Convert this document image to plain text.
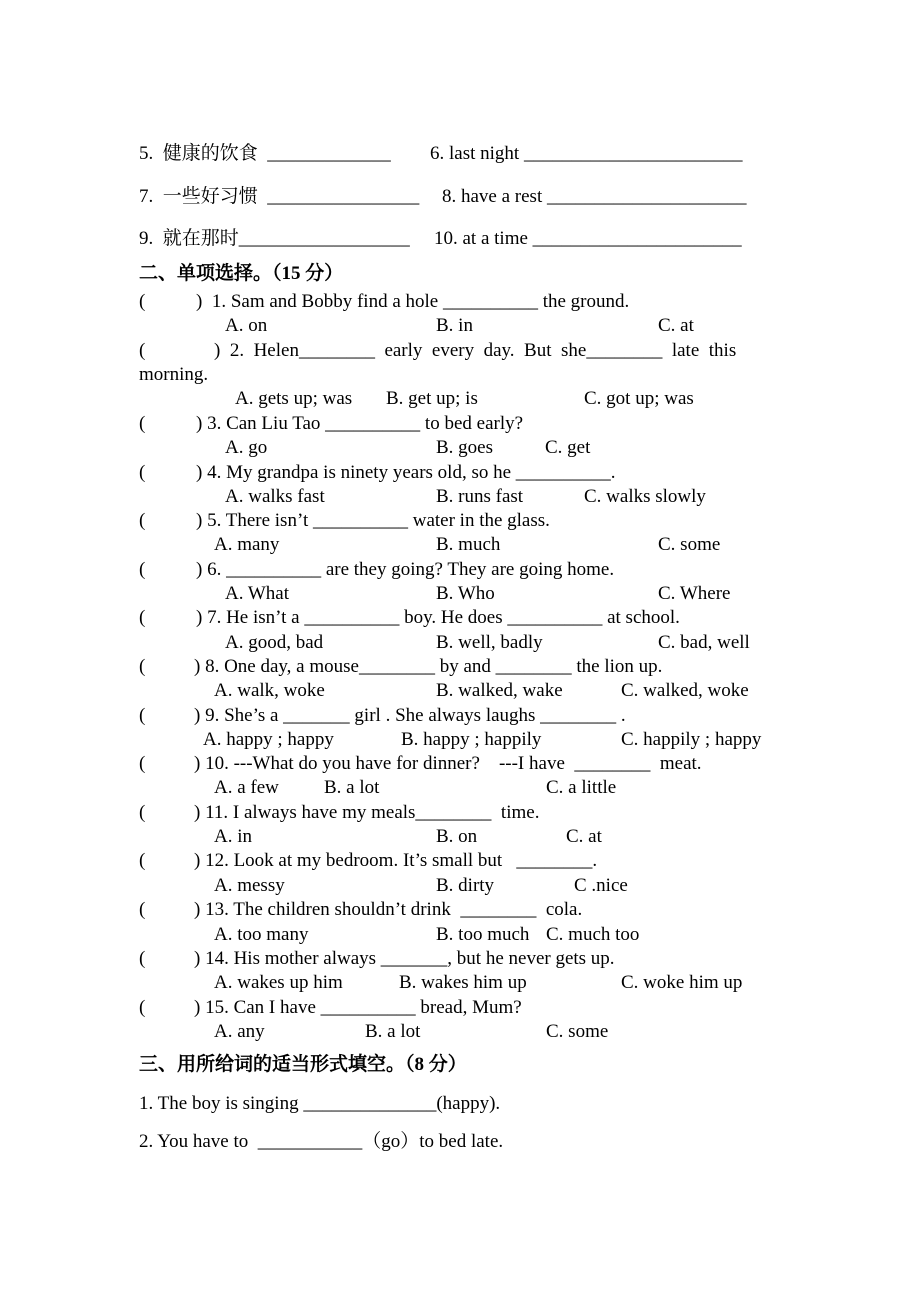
5. 健康的饮食 _____________ 6. last night _______________________
7. 一些好习惯 ________________ 8. have a rest _____________________
9. 就在那时__________________ 10. at a time ______________________
二、单项选择。（15 分）
(	)  1. Sam and Bobby find a hole __________ the ground.
A. on	B. in	C. at
(	)  2.  Helen________  early  every  day.  But  she________  late  this
morning.
A. gets up; was B. get up; is	C. got up; was
(	) 3. Can Liu Tao __________ to bed early?
A. go	B. goes	C. get
(	) 4. My grandpa is ninety years old, so he __________.
A. walks fast	B. runs fast	C. walks slowly
(	) 5. There isn’t __________ water in the glass.
A. many	B. much	C. some
(	) 6. __________ are they going? They are going home.
A. What	B. Who	C. Where
(	) 7. He isn’t a __________ boy. He does __________ at school.
A. good, bad	B. well, badly	C. bad, well
(	) 8. One day, a mouse________ by and ________ the lion up.
A. walk, woke	B. walked, wake	C. walked, woke
(	) 9. She’s a _______ girl . She always laughs ________ .
A. happy ; happy	B. happy ; happily	C. happily ; happy
(	) 10. ---What do you have for dinner?    ---I have  ________  meat.
A. a few B. a lot	C. a little
(	) 11. I always have my meals________  time.
A. in	B. on	C. at
(	) 12. Look at my bedroom. It’s small but   ________.
A. messy	B. dirty	C .nice
(	) 13. The children shouldn’t drink  ________  cola.
A. too many	B. too much C. much too
(	) 14. His mother always _______, but he never gets up.
A. wakes up him	B. wakes him up	C. woke him up
(	) 15. Can I have __________ bread, Mum?
A. any	B. a lot	C. some
三、用所给词的适当形式填空。（8 分）
1. The boy is singing ______________(happy).
2. You have to  ___________（go）to bed late.
